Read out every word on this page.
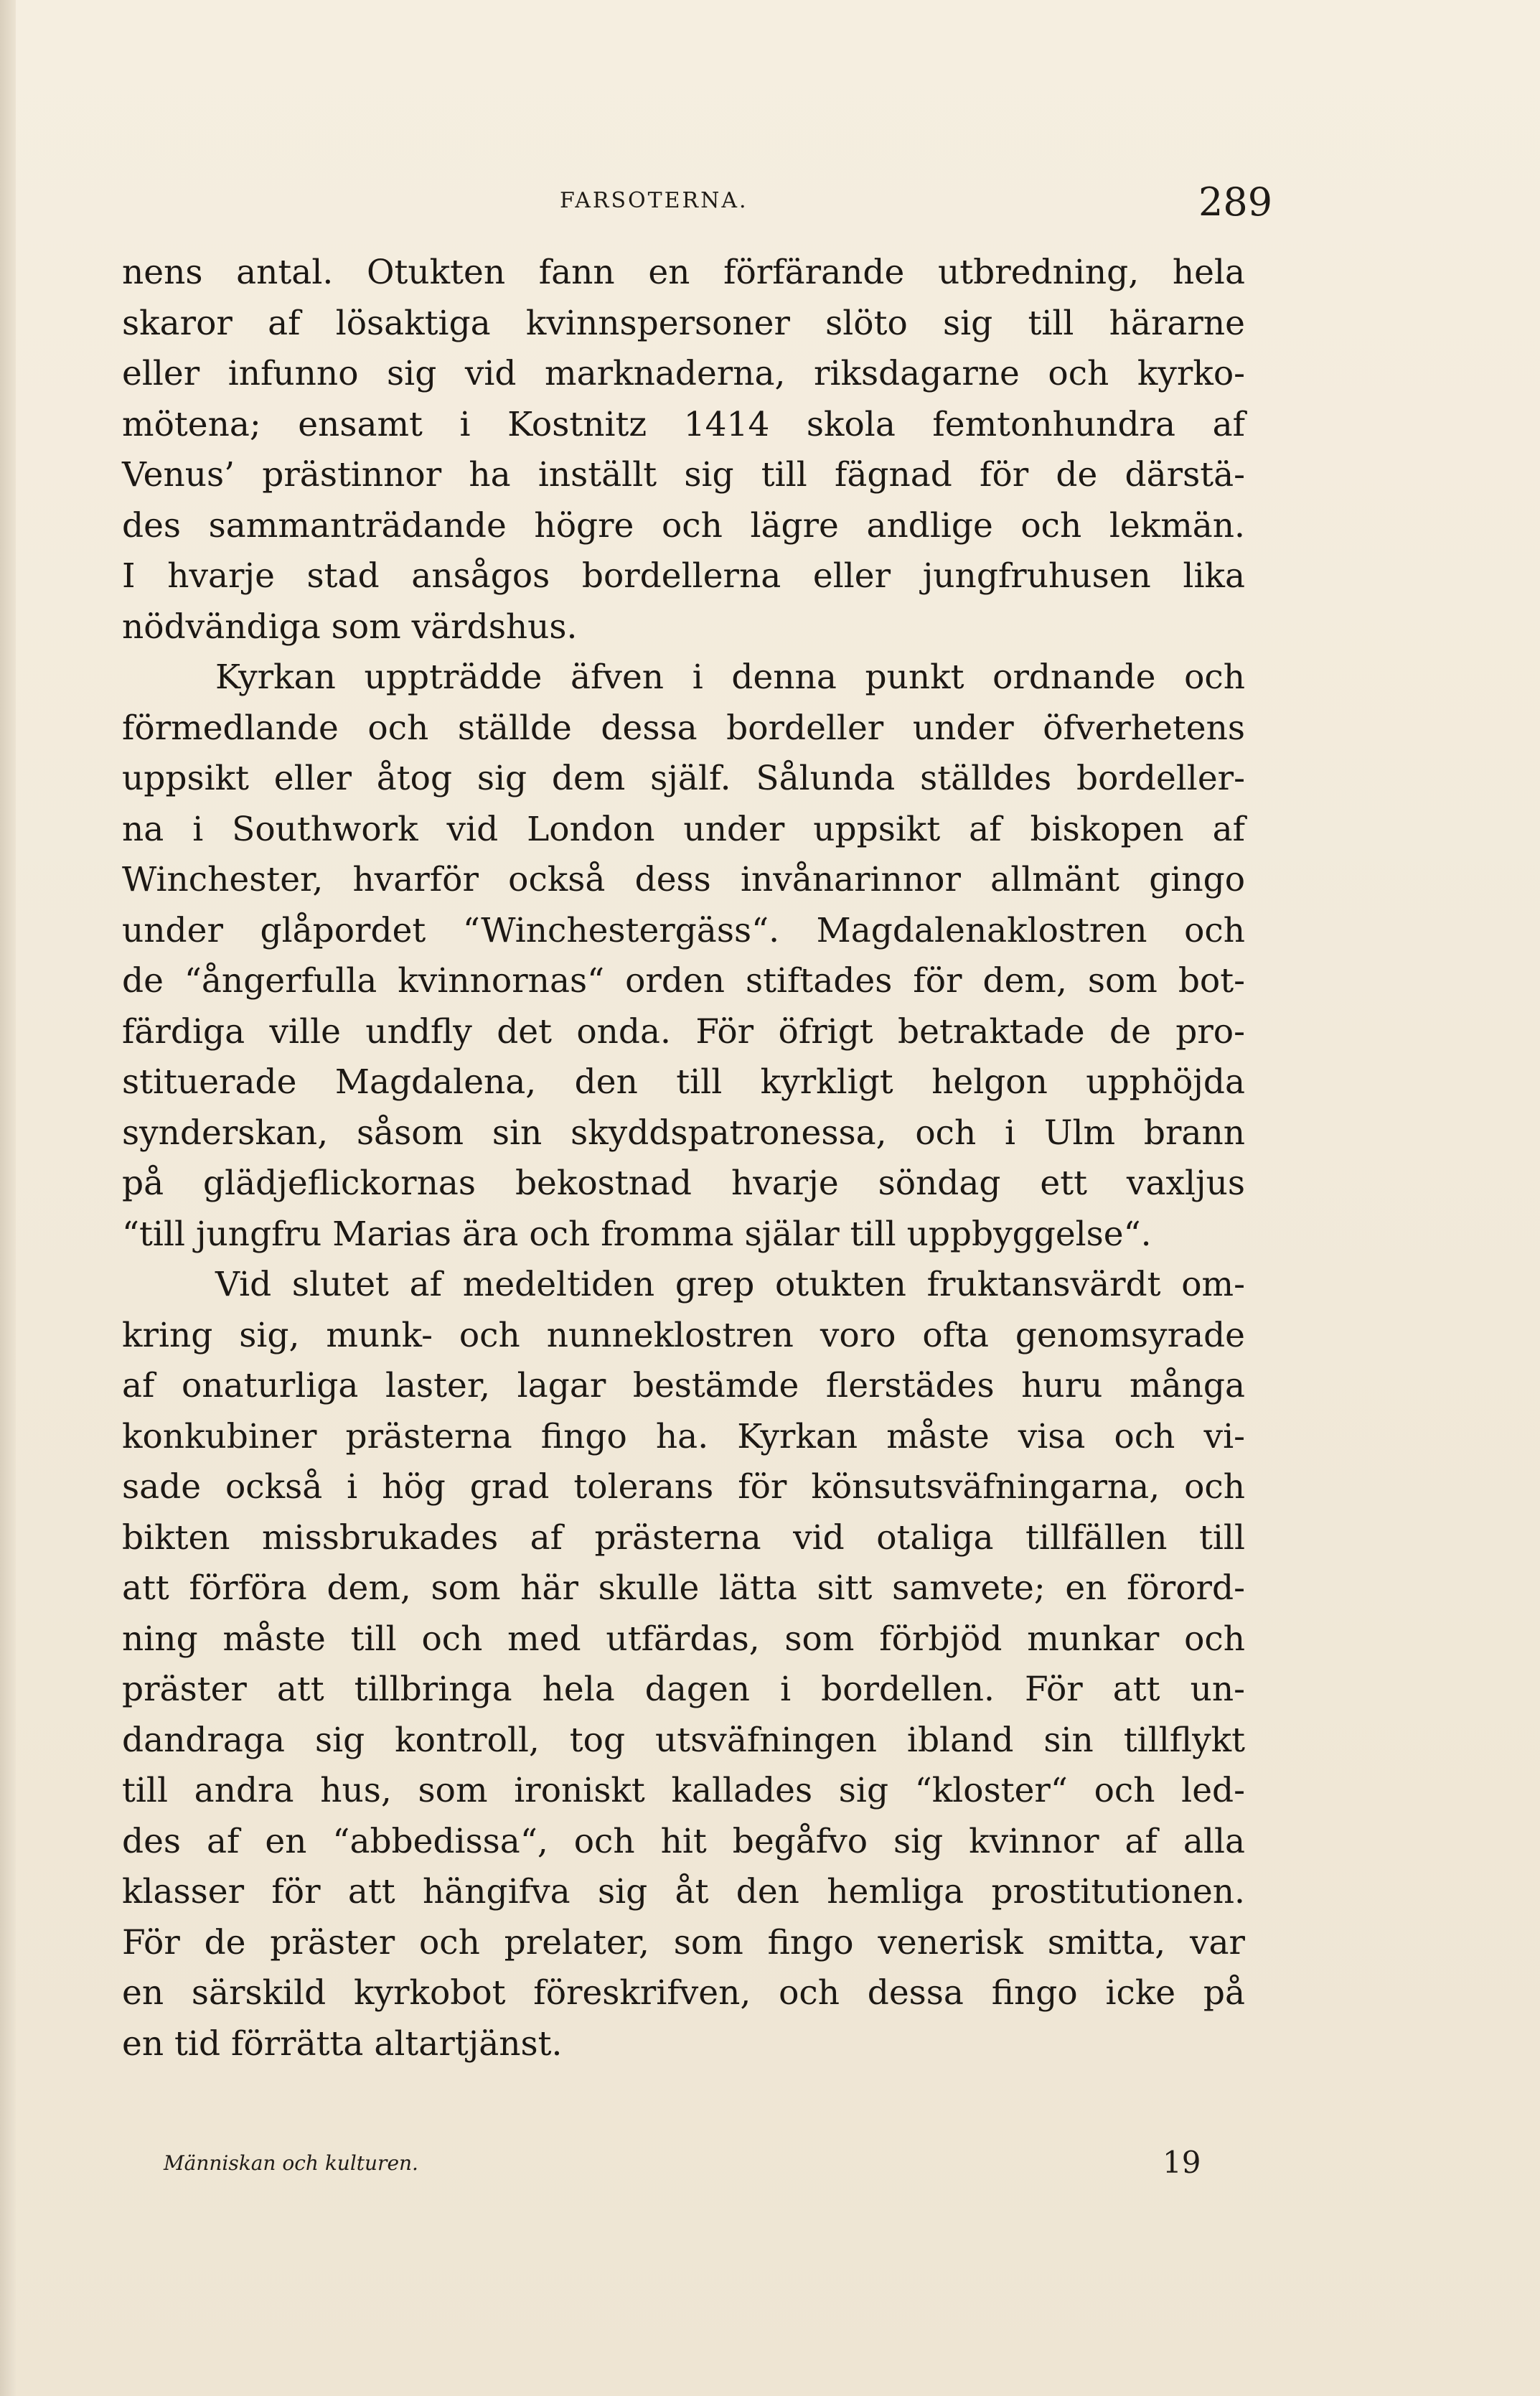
FARSOTERNA.	289

nens antal. Otukten fann en förfärande utbredning, hela
skaror af lösaktiga kvinnspersoner slöto sig till härarne
eller infunno sig vid marknaderna, riksdagarne och kyrko-
mötena; ensamt i Kostnitz 1414 skola femtonhundra af
Venus’ prästinnor ha inställt sig till fägnad för de därstä-
des sammanträdande högre och lägre andlige och lekmän.
I hvarje stad ansågos bordellerna eller jungfruhusen lika
nödvändiga som värdshus.

Kyrkan uppträdde äfven i denna punkt ordnande och
förmedlande och ställde dessa bordeller under öfverhetens
uppsikt eller åtog sig dem själf. Sålunda ställdes bordeller-
na i Southwork vid London under uppsikt af biskopen af
Winchester, hvarför också dess invånarinnor allmänt gingo
under glåpordet “Winchestergäss“. Magdalenaklostren och
de “ångerfulla kvinnornas“ orden stiftades för dem, som bot-
färdiga ville undfly det onda. För öfrigt betraktade de pro-
stituerade Magdalena, den till kyrkligt helgon upphöjda
synderskan, såsom sin skyddspatronessa, och i Ulm brann
på glädjeflickornas bekostnad hvarje söndag ett vaxljus
“till jungfru Marias ära och fromma själar till uppbyggelse“.

Vid slutet af medeltiden grep otukten fruktansvärdt om-
kring sig, munk- och nunneklostren voro ofta genomsyrade
af onaturliga laster, lagar bestämde flerstädes huru många
konkubiner prästerna fingo ha. Kyrkan måste visa och vi-
sade också i hög grad tolerans för könsutsväfningarna, och
bikten missbrukades af prästerna vid otaliga tillfällen till
att förföra dem, som här skulle lätta sitt samvete; en förord-
ning måste till och med utfärdas, som förbjöd munkar och
präster att tillbringa hela dagen i bordellen. För att un-
dandraga sig kontroll, tog utsväfningen ibland sin tillflykt
till andra hus, som ironiskt kallades sig “kloster“ och led-
des af en “abbedissa“, och hit begåfvo sig kvinnor af alla
klasser för att hängifva sig åt den hemliga prostitutionen.
För de präster och prelater, som fingo venerisk smitta, var
en särskild kyrkobot föreskrifven, och dessa fingo icke på
en tid förrätta altartjänst.

Människan och kulturen.	19
